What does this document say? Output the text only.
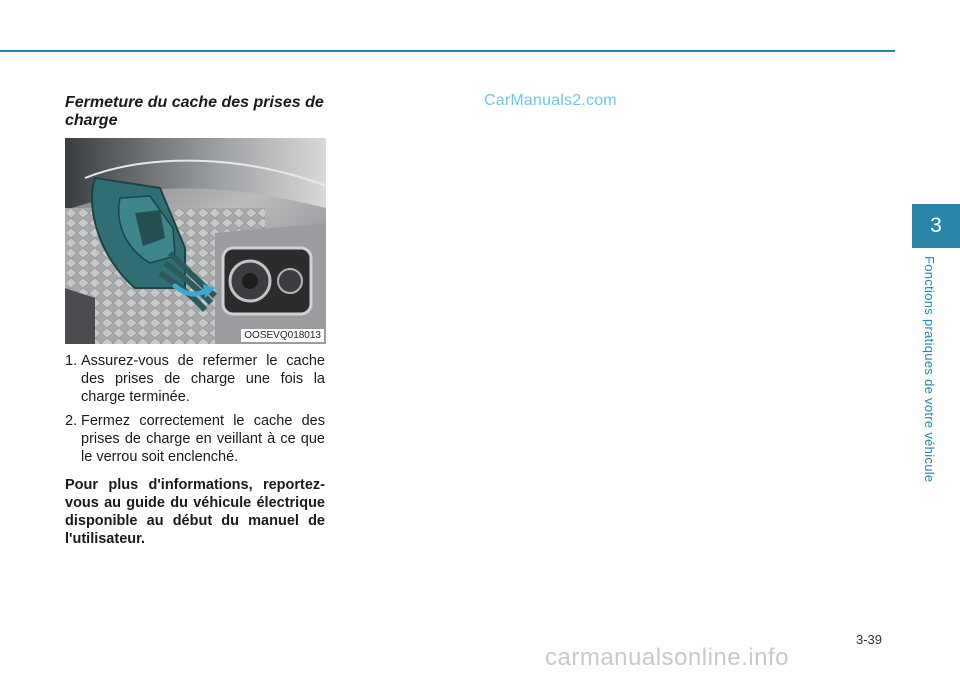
Fermeture du cache des prises de charge
CarManuals2.com
OOSEVQ018013
1. Assurez-vous de refermer le cache des prises de charge une fois la charge terminée.
2. Fermez correctement le cache des prises de charge en veillant à ce que le verrou soit enclenché.

Pour plus d'informations, reportez-vous au guide du véhicule électrique disponible au début du manuel de l'utilisateur.

3
Fonctions pratiques de votre véhicule
3-39
carmanualsonline.info
